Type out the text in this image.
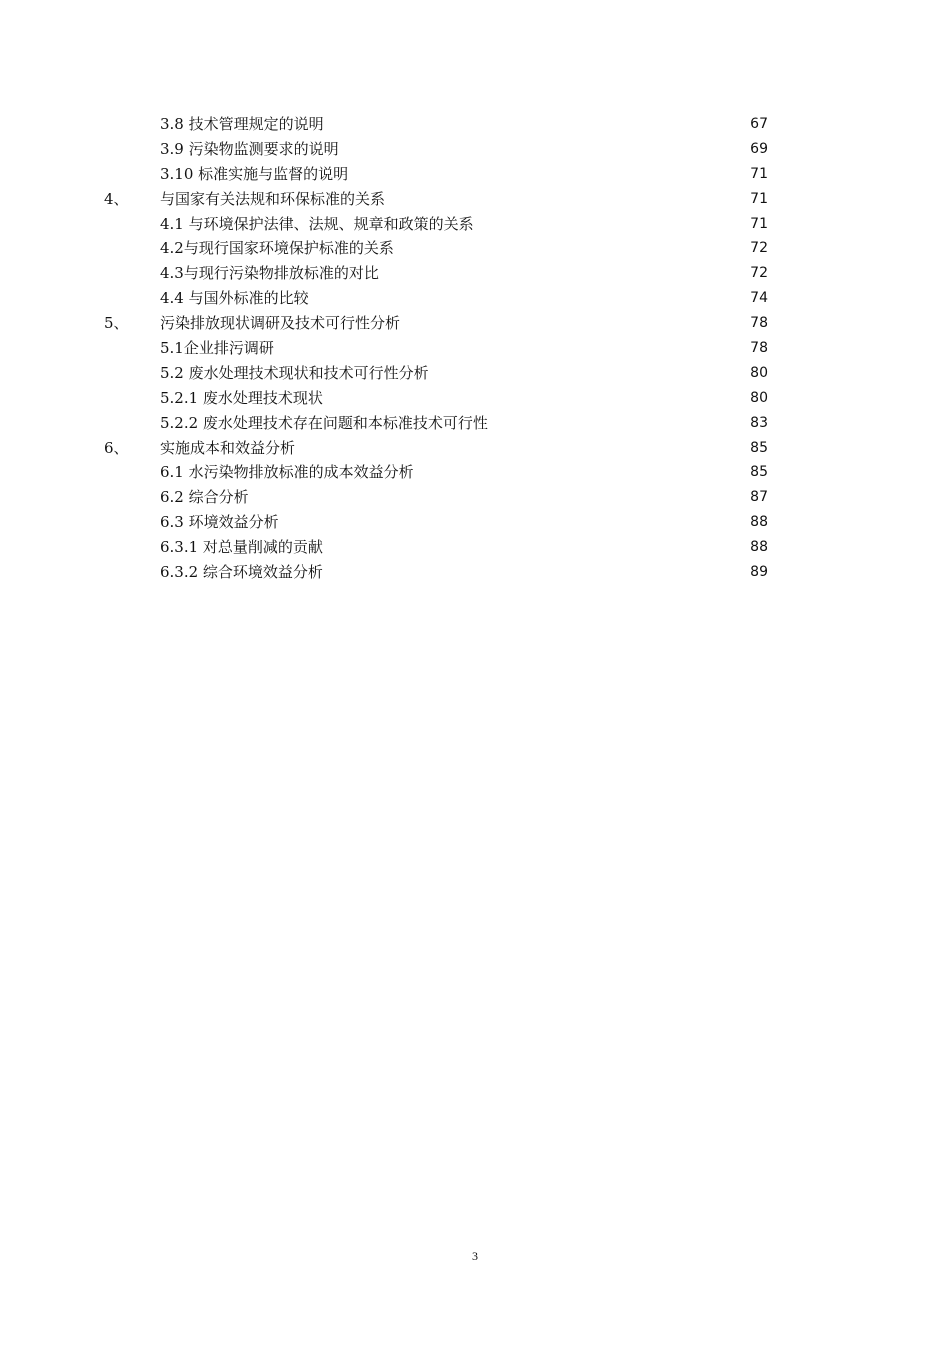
3.8 技术管理规定的说明	67
3.9 污染物监测要求的说明	69
3.10 标准实施与监督的说明	71
4、 与国家有关法规和环保标准的关系	71
4.1 与环境保护法律、法规、规章和政策的关系	71
4.2与现行国家环境保护标准的关系	72
4.3与现行污染物排放标准的对比	72
4.4 与国外标准的比较	74
5、 污染排放现状调研及技术可行性分析	78
5.1企业排污调研	78
5.2 废水处理技术现状和技术可行性分析	80
5.2.1 废水处理技术现状	80
5.2.2 废水处理技术存在问题和本标准技术可行性	83
6、 实施成本和效益分析	85
6.1 水污染物排放标准的成本效益分析	85
6.2 综合分析	87
6.3 环境效益分析	88
6.3.1 对总量削减的贡献	88
6.3.2 综合环境效益分析	89
3
